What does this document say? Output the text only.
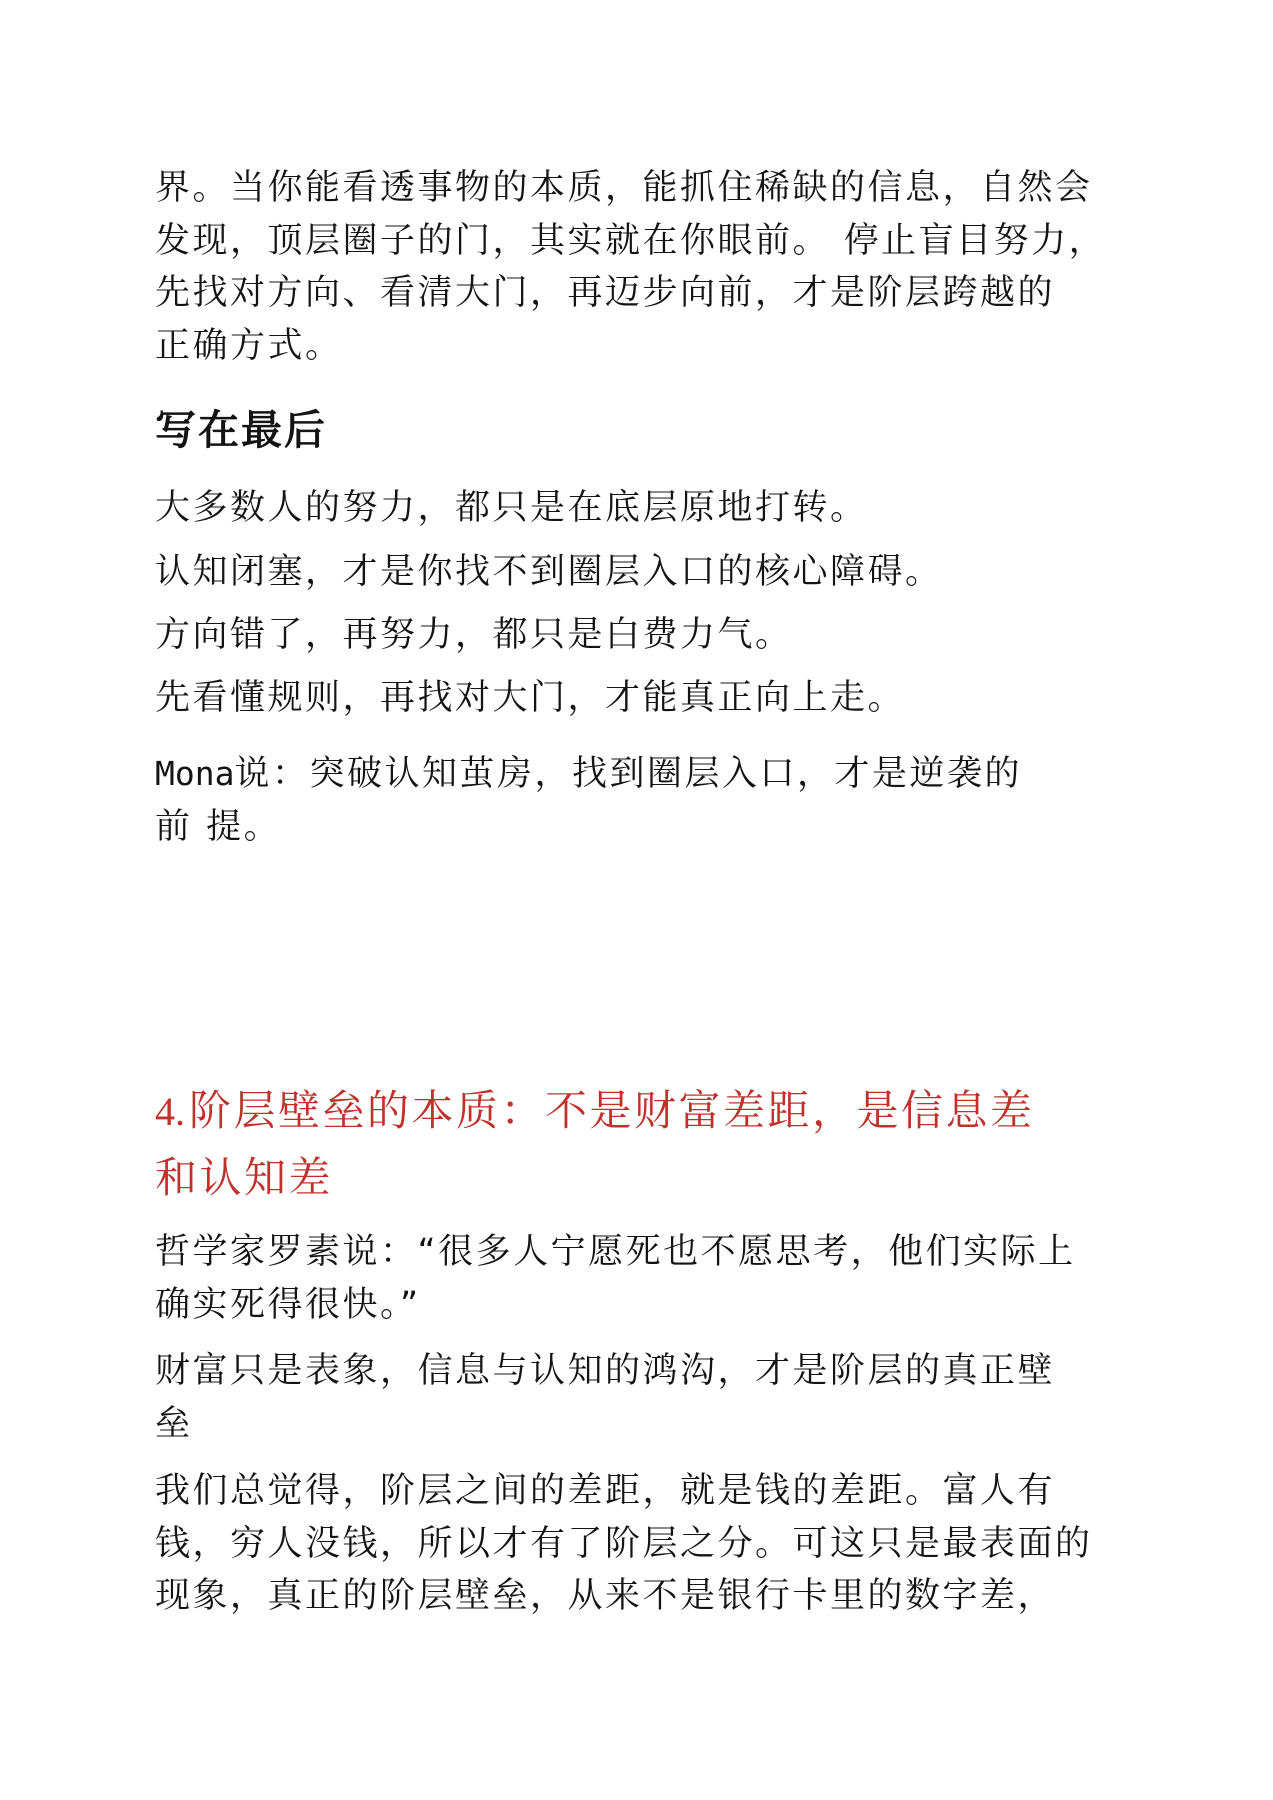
界。当你能看透事物的本质，能抓住稀缺的信息，自然会
发现，顶层圈子的门，其实就在你眼前。 停止盲目努力，
先找对方向、看清大门，再迈步向前，才是阶层跨越的
正确方式。
写在最后
大多数人的努力，都只是在底层原地打转。
认知闭塞，才是你找不到圈层入口的核心障碍。
方向错了，再努力，都只是白费力气。
先看懂规则，再找对大门，才能真正向上走。
Mona说：突破认知茧房，找到圈层入口，才是逆袭的
前 提。
4.阶层壁垒的本质：不是财富差距，是信息差
和认知差
哲学家罗素说：“很多人宁愿死也不愿思考，他们实际上
确实死得很快。”
财富只是表象，信息与认知的鸿沟，才是阶层的真正壁
垒
我们总觉得，阶层之间的差距，就是钱的差距。富人有
钱，穷人没钱，所以才有了阶层之分。可这只是最表面的
现象，真正的阶层壁垒，从来不是银行卡里的数字差，
